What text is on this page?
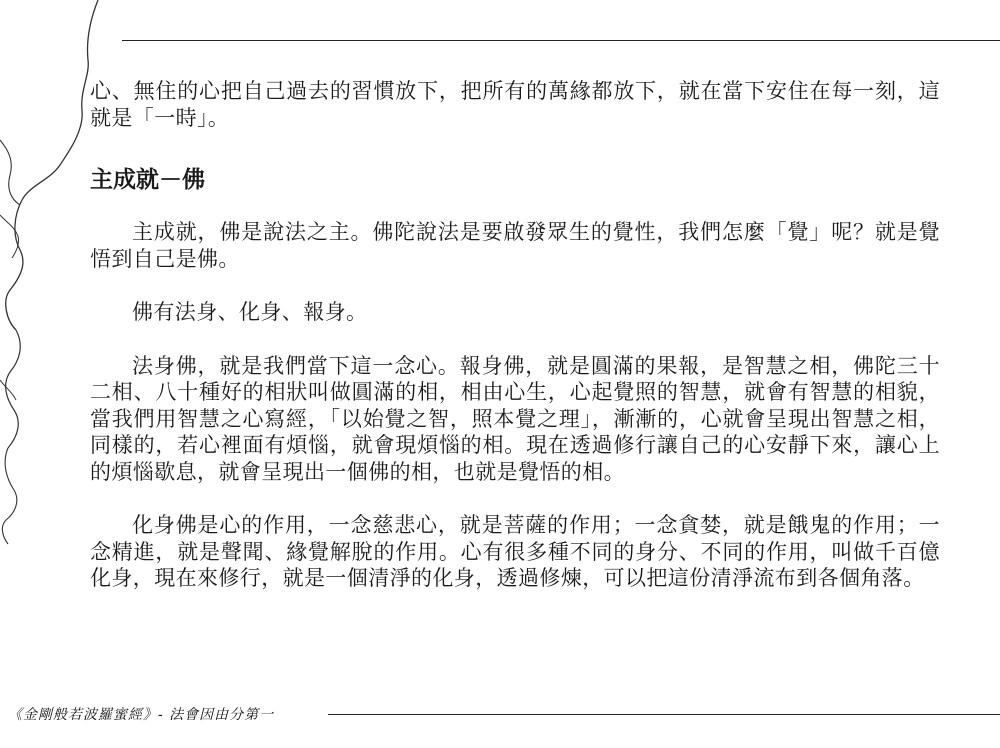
心、無住的心把自己過去的習慣放下，把所有的萬緣都放下，就在當下安住在每一刻，這就是「一時」。

主成就－佛

主成就，佛是說法之主。佛陀說法是要啟發眾生的覺性，我們怎麼「覺」呢？就是覺悟到自己是佛。

佛有法身、化身、報身。

法身佛，就是我們當下這一念心。報身佛，就是圓滿的果報，是智慧之相，佛陀三十二相、八十種好的相狀叫做圓滿的相，相由心生，心起覺照的智慧，就會有智慧的相貌，當我們用智慧之心寫經，「以始覺之智，照本覺之理」，漸漸的，心就會呈現出智慧之相，同樣的，若心裡面有煩惱，就會現煩惱的相。現在透過修行讓自己的心安靜下來，讓心上的煩惱歇息，就會呈現出一個佛的相，也就是覺悟的相。

化身佛是心的作用，一念慈悲心，就是菩薩的作用；一念貪婪，就是餓鬼的作用；一念精進，就是聲聞、緣覺解脫的作用。心有很多種不同的身分、不同的作用，叫做千百億化身，現在來修行，就是一個清淨的化身，透過修煉，可以把這份清淨流布到各個角落。

《金剛般若波羅蜜經》- 法會因由分第一
